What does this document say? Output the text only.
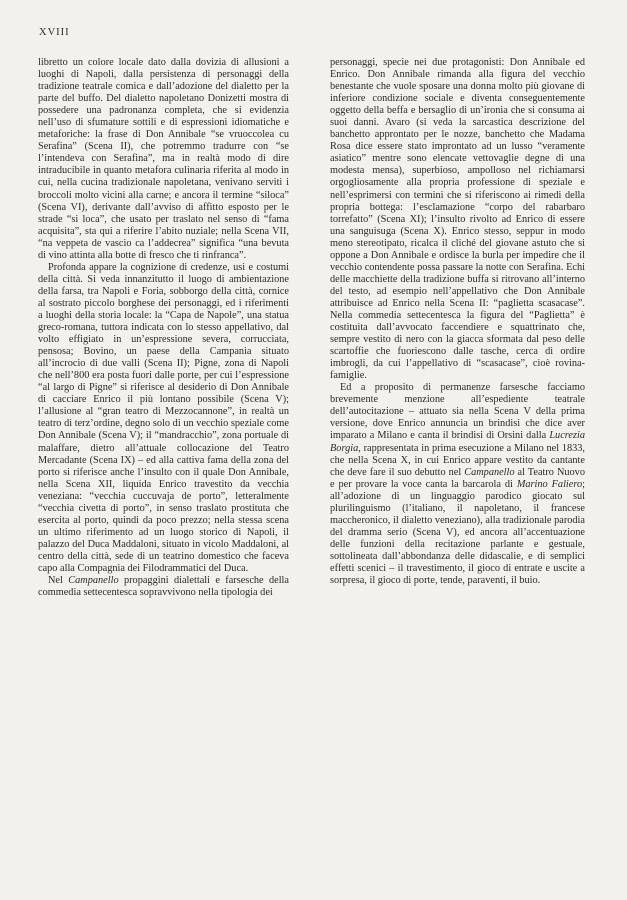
XVIII

libretto un colore locale dato dalla dovizia di allusioni a luoghi di Napoli, dalla persistenza di personaggi della tradizione teatrale comica e dall’adozione del dialetto per la parte del buffo. Del dialetto napoletano Donizetti mostra di possedere una padronanza completa, che si evidenzia nell’uso di sfumature sottili e di espressioni idiomatiche e metaforiche: la frase di Don Annibale “se vruoccolea cu Serafina” (Scena II), che potremmo tradurre con “se l’intendeva con Serafina”, ma in realtà modo di dire intraducibile in quanto metafora culinaria riferita al modo in cui, nella cucina tradizionale napoletana, venivano serviti i broccoli molto vicini alla carne; e ancora il termine “siloca” (Scena VI), derivante dall’avviso di affitto esposto per le strade “si loca”, che usato per traslato nel senso di “fama acquisita”, sta qui a riferire l’abito nuziale; nella Scena VII, “na veppeta de vascio ca l’addecrea” significa “una bevuta di vino attinta alla botte di fresco che ti rinfranca”.

Profonda appare la cognizione di credenze, usi e costumi della città. Si veda innanzitutto il luogo di ambientazione della farsa, tra Napoli e Foria, sobborgo della città, cornice al sostrato piccolo borghese dei personaggi, ed i riferimenti a luoghi della storia locale: la “Capa de Napole”, una statua greco-romana, tuttora indicata con lo stesso appellativo, dal volto effigiato in un’espressione severa, corrucciata, pensosa; Bovino, un paese della Campania situato all’incrocio di due valli (Scena II); Pigne, zona di Napoli che nell’800 era posta fuori dalle porte, per cui l’espressione “al largo di Pigne” si riferisce al desiderio di Don Annibale di cacciare Enrico il più lontano possibile (Scena V); l’allusione al “gran teatro di Mezzocannone”, in realtà un teatro di terz’ordine, degno solo di un vecchio speziale come Don Annibale (Scena V); il “mandracchio”, zona portuale di malaffare, dietro all’attuale collocazione del Teatro Mercadante (Scena IX) – ed alla cattiva fama della zona del porto si riferisce anche l’insulto con il quale Don Annibale, nella Scena XII, liquida Enrico travestito da vecchia veneziana: “vecchia cuccuvaja de porto”, letteralmente “vecchia civetta di porto”, in senso traslato prostituta che esercita al porto, quindi da poco prezzo; nella stessa scena un ultimo riferimento ad un luogo storico di Napoli, il palazzo del Duca Maddaloni, situato in vicolo Maddaloni, al centro della città, sede di un teatrino domestico che faceva capo alla Compagnia dei Filodrammatici del Duca.

Nel Campanello propaggini dialettali e farsesche della commedia settecentesca sopravvivono nella tipologia dei

personaggi, specie nei due protagonisti: Don Annibale ed Enrico. Don Annibale rimanda alla figura del vecchio benestante che vuole sposare una donna molto più giovane di inferiore condizione sociale e diventa conseguentemente oggetto della beffa e bersaglio di un’ironia che si consuma ai suoi danni. Avaro (si veda la sarcastica descrizione del banchetto approntato per le nozze, banchetto che Madama Rosa dice essere stato improntato ad un lusso “veramente asiatico” mentre sono elencate vettovaglie degne di una modesta mensa), superbioso, ampolloso nel richiamarsi orgogliosamente alla propria professione di speziale e nell’esprimersi con termini che si riferiscono ai rimedi della propria bottega: l’esclamazione “corpo del rabarbaro torrefatto” (Scena XI); l’insulto rivolto ad Enrico di essere una sanguisuga (Scena X). Enrico stesso, seppur in modo meno stereotipato, ricalca il cliché del giovane astuto che si oppone a Don Annibale e ordisce la burla per impedire che il vecchio contendente possa passare la notte con Serafina. Echi delle macchiette della tradizione buffa si ritrovano all’interno del testo, ad esempio nell’appellativo che Don Annibale attribuisce ad Enrico nella Scena II: “paglietta scasacase”. Nella commedia settecentesca la figura del “Paglietta” è costituita dall’avvocato faccendiere e squattrinato che, sempre vestito di nero con la giacca sformata dal peso delle scartoffie che fuoriescono dalle tasche, cerca di ordire imbrogli, da cui l’appellativo di “scasacase”, cioè rovina-famiglie.

Ed a proposito di permanenze farsesche facciamo brevemente menzione all’espediente teatrale dell’autocitazione – attuato sia nella Scena V della prima versione, dove Enrico annuncia un brindisi che dice aver imparato a Milano e canta il brindisi di Orsini dalla Lucrezia Borgia, rappresentata in prima esecuzione a Milano nel 1833, che nella Scena X, in cui Enrico appare vestito da cantante che deve fare il suo debutto nel Campanello al Teatro Nuovo e per provare la voce canta la barcarola di Marino Faliero; all’adozione di un linguaggio parodico giocato sul plurilinguismo (l’italiano, il napoletano, il francese maccheronico, il dialetto veneziano), alla tradizionale parodia del dramma serio (Scena V), ed ancora all’accentuazione delle funzioni della recitazione parlante e gestuale, sottolineata dall’abbondanza delle didascalie, e di semplici effetti scenici – il travestimento, il gioco di entrate e uscite a sorpresa, il gioco di porte, tende, paraventi, il buio.
